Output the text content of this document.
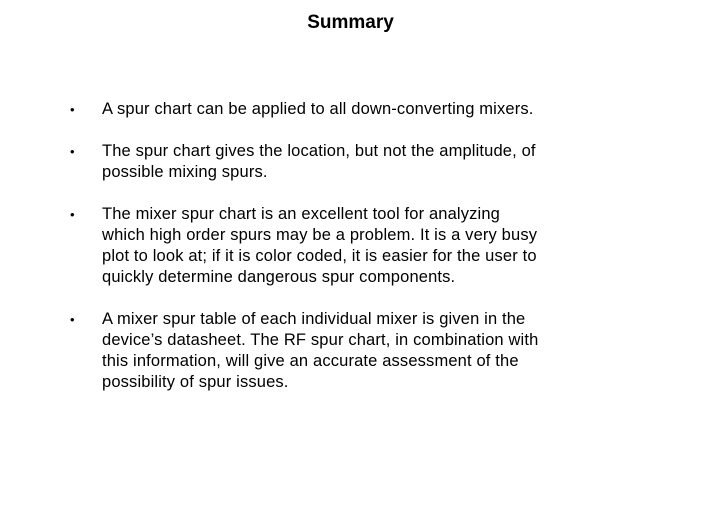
Summary
•	A spur chart can be applied to all down-converting mixers.
•	The spur chart gives the location, but not the amplitude, of
possible mixing spurs.
•	The mixer spur chart is an excellent tool for analyzing
which high order spurs may be a problem. It is a very busy
plot to look at; if it is color coded, it is easier for the user to
quickly determine dangerous spur components.
•	A mixer spur table of each individual mixer is given in the
device’s datasheet. The RF spur chart, in combination with
this information, will give an accurate assessment of the
possibility of spur issues.
